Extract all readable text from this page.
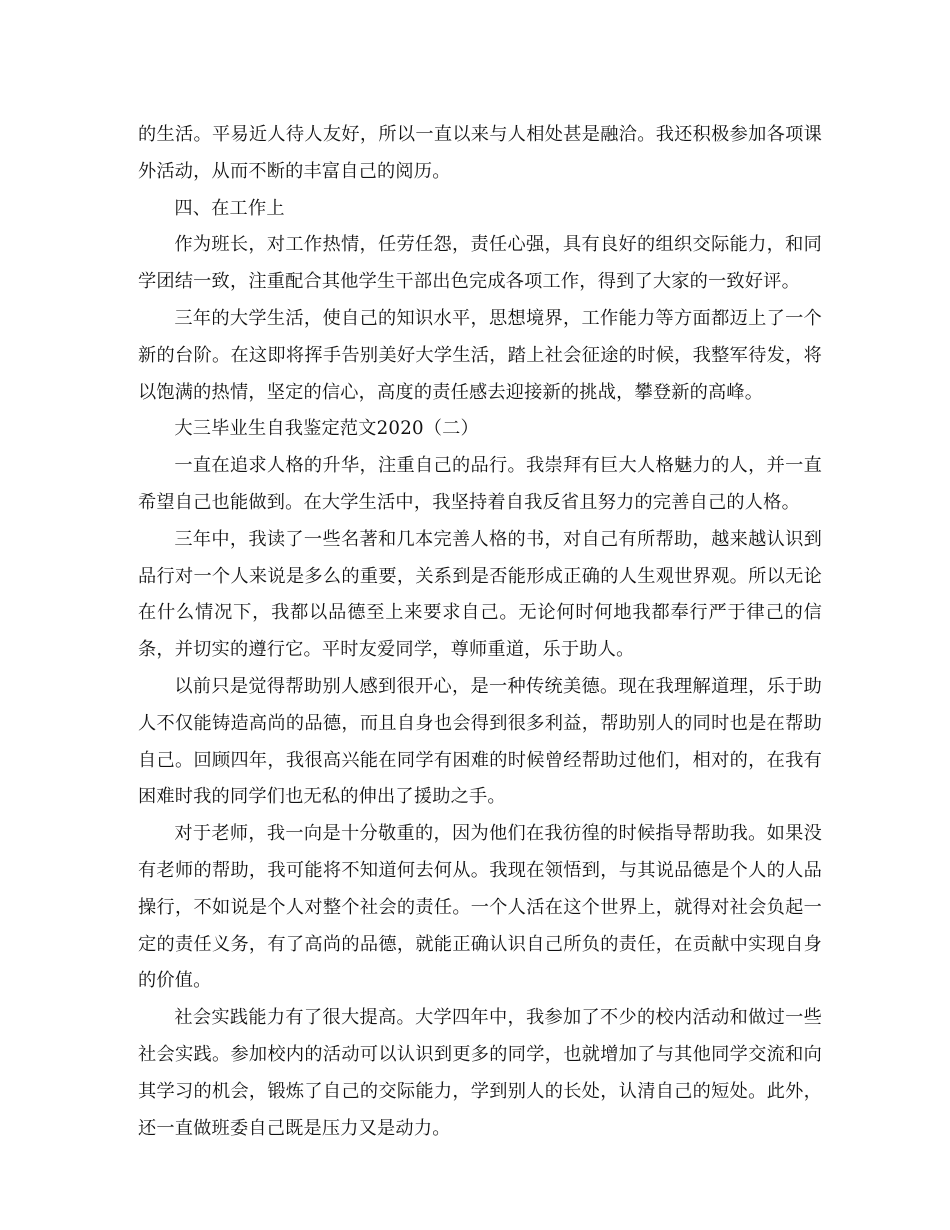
的生活。平易近人待人友好，所以一直以来与人相处甚是融洽。我还积极参加各项课外活动，从而不断的丰富自己的阅历。

四、在工作上

作为班长，对工作热情，任劳任怨，责任心强，具有良好的组织交际能力，和同学团结一致，注重配合其他学生干部出色完成各项工作，得到了大家的一致好评。

三年的大学生活，使自己的知识水平，思想境界，工作能力等方面都迈上了一个新的台阶。在这即将挥手告别美好大学生活，踏上社会征途的时候，我整军待发，将以饱满的热情，坚定的信心，高度的责任感去迎接新的挑战，攀登新的高峰。

大三毕业生自我鉴定范文2020（二）

一直在追求人格的升华，注重自己的品行。我崇拜有巨大人格魅力的人，并一直希望自己也能做到。在大学生活中，我坚持着自我反省且努力的完善自己的人格。

三年中，我读了一些名著和几本完善人格的书，对自己有所帮助，越来越认识到品行对一个人来说是多么的重要，关系到是否能形成正确的人生观世界观。所以无论在什么情况下，我都以品德至上来要求自己。无论何时何地我都奉行严于律己的信条，并切实的遵行它。平时友爱同学，尊师重道，乐于助人。

以前只是觉得帮助别人感到很开心，是一种传统美德。现在我理解道理，乐于助人不仅能铸造高尚的品德，而且自身也会得到很多利益，帮助别人的同时也是在帮助自己。回顾四年，我很高兴能在同学有困难的时候曾经帮助过他们，相对的，在我有困难时我的同学们也无私的伸出了援助之手。

对于老师，我一向是十分敬重的，因为他们在我彷徨的时候指导帮助我。如果没有老师的帮助，我可能将不知道何去何从。我现在领悟到，与其说品德是个人的人品操行，不如说是个人对整个社会的责任。一个人活在这个世界上，就得对社会负起一定的责任义务，有了高尚的品德，就能正确认识自己所负的责任，在贡献中实现自身的价值。

社会实践能力有了很大提高。大学四年中，我参加了不少的校内活动和做过一些社会实践。参加校内的活动可以认识到更多的同学，也就增加了与其他同学交流和向其学习的机会，锻炼了自己的交际能力，学到别人的长处，认清自己的短处。此外，还一直做班委自己既是压力又是动力。
